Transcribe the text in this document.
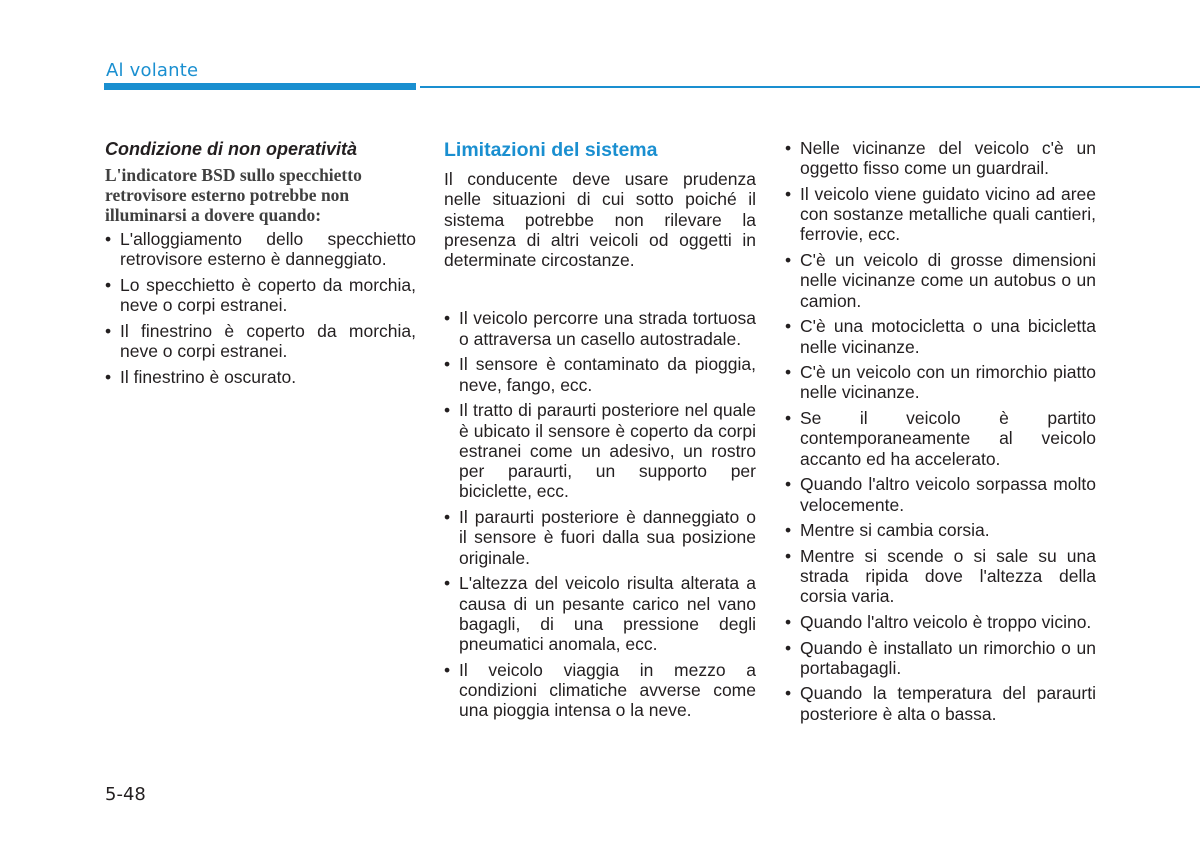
Al volante
Condizione di non operatività
L'indicatore BSD sullo specchietto retrovisore esterno potrebbe non illuminarsi a dovere quando:
• L'alloggiamento dello specchietto retrovisore esterno è danneggiato.
• Lo specchietto è coperto da morchia, neve o corpi estranei.
• Il finestrino è coperto da morchia, neve o corpi estranei.
• Il finestrino è oscurato.
Limitazioni del sistema
Il conducente deve usare prudenza nelle situazioni di cui sotto poiché il sistema potrebbe non rilevare la presenza di altri veicoli od oggetti in determinate circostanze.
• Il veicolo percorre una strada tortuosa o attraversa un casello autostradale.
• Il sensore è contaminato da pioggia, neve, fango, ecc.
• Il tratto di paraurti posteriore nel quale è ubicato il sensore è coperto da corpi estranei come un adesivo, un rostro per paraurti, un supporto per biciclette, ecc.
• Il paraurti posteriore è danneggiato o il sensore è fuori dalla sua posizione originale.
• L'altezza del veicolo risulta alterata a causa di un pesante carico nel vano bagagli, di una pressione degli pneumatici anomala, ecc.
• Il veicolo viaggia in mezzo a condizioni climatiche avverse come una pioggia intensa o la neve.
• Nelle vicinanze del veicolo c'è un oggetto fisso come un guardrail.
• Il veicolo viene guidato vicino ad aree con sostanze metalliche quali cantieri, ferrovie, ecc.
• C'è un veicolo di grosse dimensioni nelle vicinanze come un autobus o un camion.
• C'è una motocicletta o una bicicletta nelle vicinanze.
• C'è un veicolo con un rimorchio piatto nelle vicinanze.
• Se il veicolo è partito contemporaneamente al veicolo accanto ed ha accelerato.
• Quando l'altro veicolo sorpassa molto velocemente.
• Mentre si cambia corsia.
• Mentre si scende o si sale su una strada ripida dove l'altezza della corsia varia.
• Quando l'altro veicolo è troppo vicino.
• Quando è installato un rimorchio o un portabagagli.
• Quando la temperatura del paraurti posteriore è alta o bassa.
5-48
